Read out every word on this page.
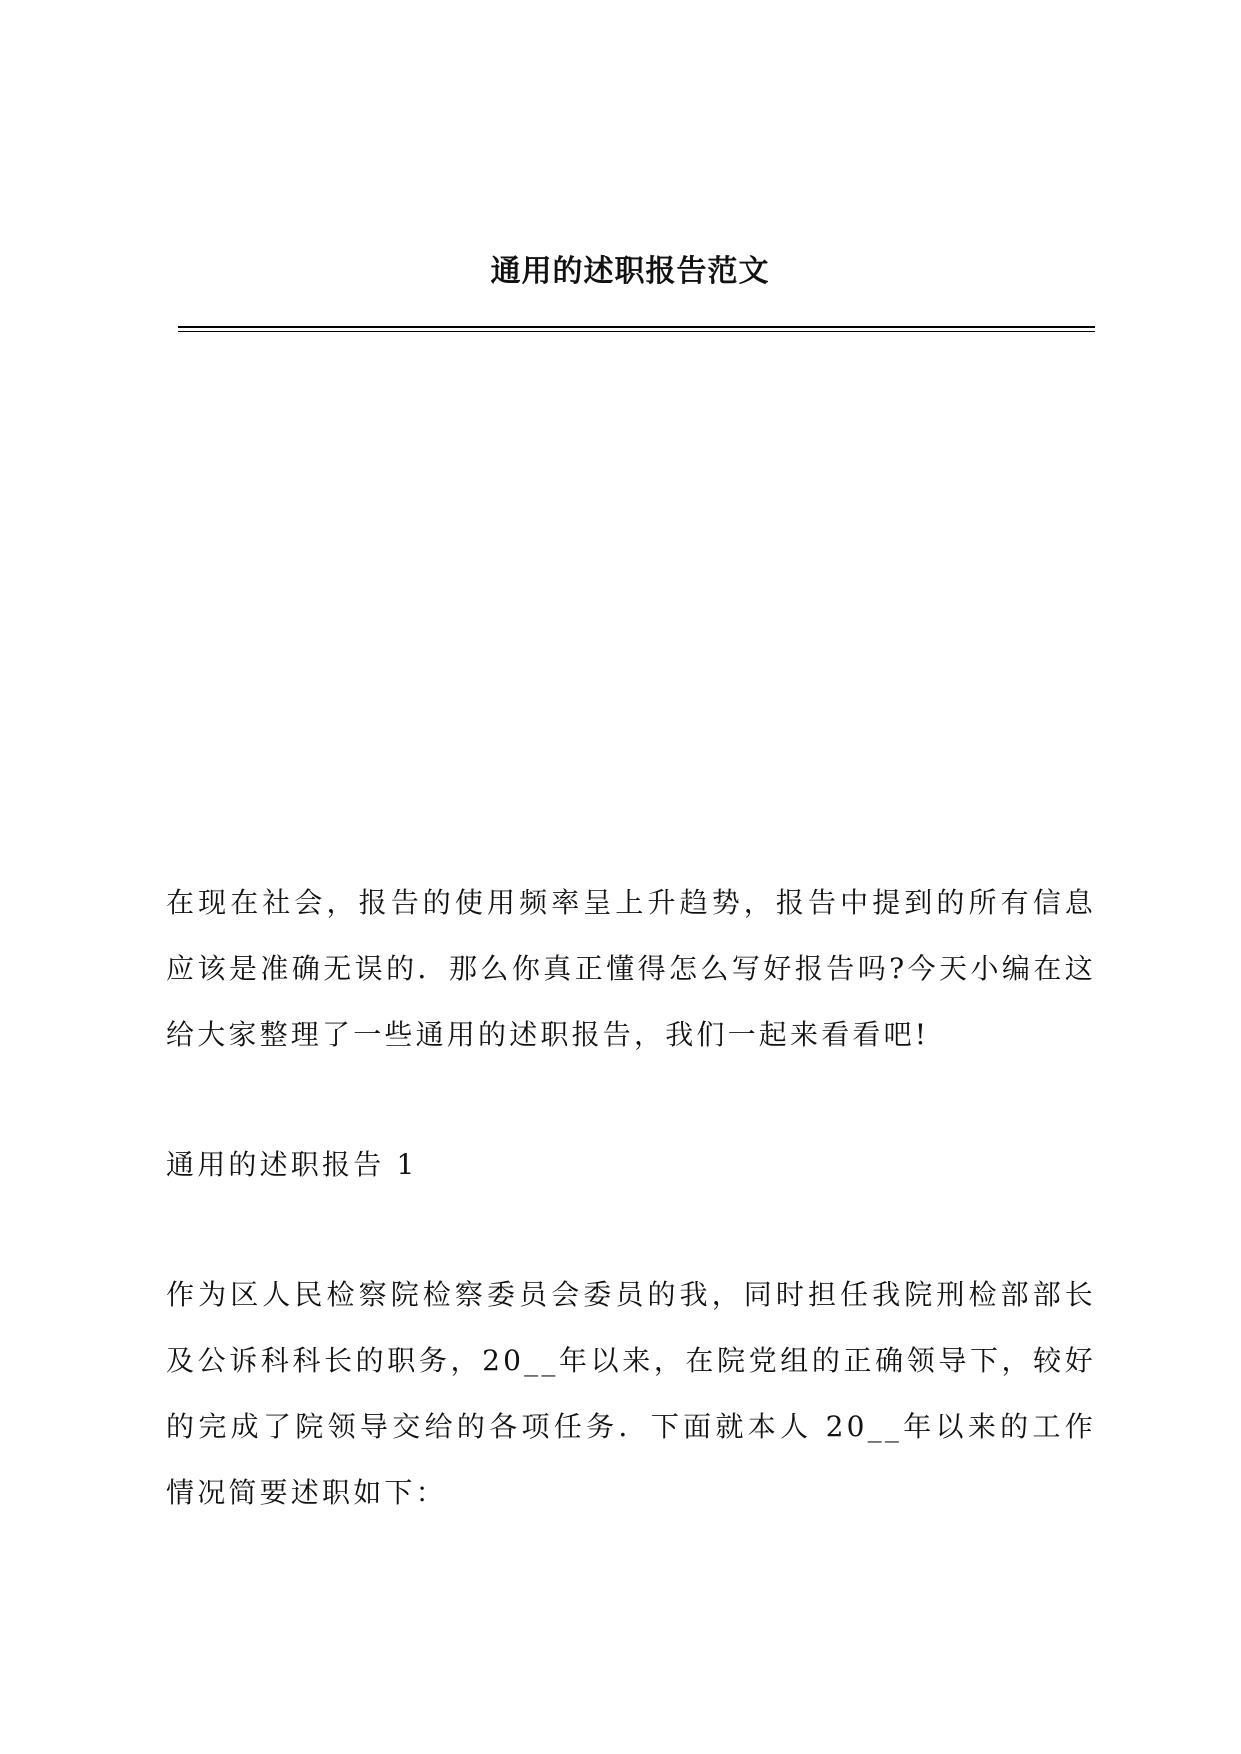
通用的述职报告范文

在现在社会，报告的使用频率呈上升趋势，报告中提到的所有信息应该是准确无误的．那么你真正懂得怎么写好报告吗?今天小编在这给大家整理了一些通用的述职报告，我们一起来看看吧!

通用的述职报告 1

作为区人民检察院检察委员会委员的我，同时担任我院刑检部部长及公诉科科长的职务，20__年以来，在院党组的正确领导下，较好的完成了院领导交给的各项任务．下面就本人 20__年以来的工作情况简要述职如下：
